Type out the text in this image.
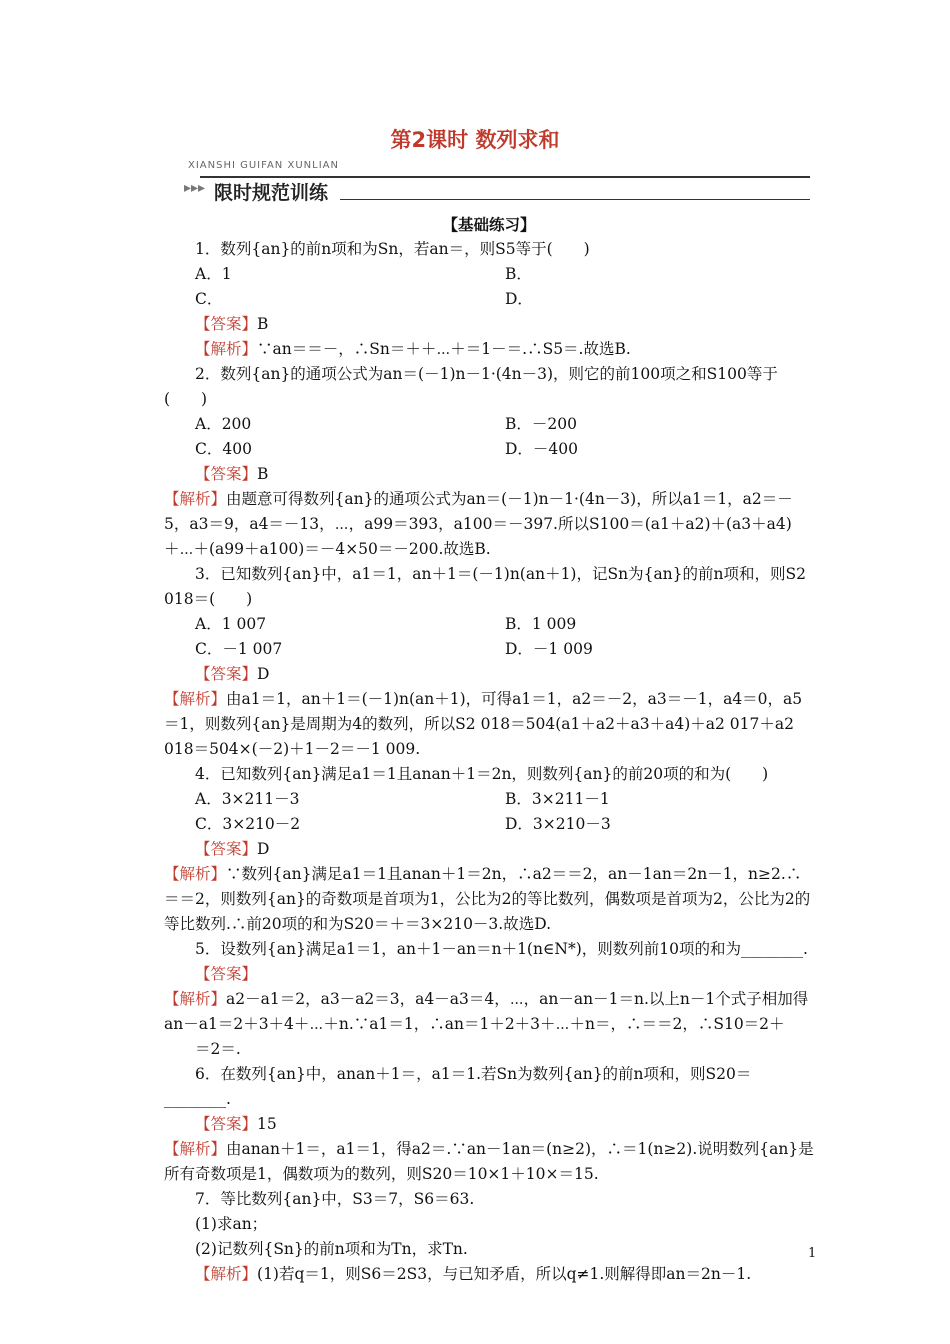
第2课时 数列求和
XIANSHI GUIFAN XUNLIAN
▸▸▸ 限时规范训练

【基础练习】

1．数列{an}的前n项和为Sn，若an＝，则S5等于(　　)

A．1	B．
C．	D．

【答案】B

【解析】∵an＝＝－，∴Sn＝＋＋⋯＋＝1－＝.∴S5＝.故选B.

2．数列{an}的通项公式为an＝(－1)n－1·(4n－3)，则它的前100项之和S100等于(　　)

A．200	B．－200
C．400	D．－400

【答案】B

【解析】由题意可得数列{an}的通项公式为an＝(－1)n－1·(4n－3)，所以a1＝1，a2＝－5，a3＝9，a4＝－13，⋯，a99＝393，a100＝－397.所以S100＝(a1＋a2)＋(a3＋a4)＋⋯＋(a99＋a100)＝－4×50＝－200.故选B.

3．已知数列{an}中，a1＝1，an＋1＝(－1)n(an＋1)，记Sn为{an}的前n项和，则S2 018＝(　　)

A．1 007	B．1 009
C．－1 007	D．－1 009

【答案】D

【解析】由a1＝1，an＋1＝(－1)n(an＋1)，可得a1＝1，a2＝－2，a3＝－1，a4＝0，a5＝1，则数列{an}是周期为4的数列，所以S2 018＝504(a1＋a2＋a3＋a4)＋a2 017＋a2 018＝504×(－2)＋1－2＝－1 009.

4．已知数列{an}满足a1＝1且anan＋1＝2n，则数列{an}的前20项的和为(　　)

A．3×211－3	B．3×211－1
C．3×210－2	D．3×210－3

【答案】D

【解析】∵数列{an}满足a1＝1且anan＋1＝2n，∴a2＝＝2，an－1an＝2n－1，n≥2.∴＝＝2，则数列{an}的奇数项是首项为1，公比为2的等比数列，偶数项是首项为2，公比为2的等比数列.∴前20项的和为S20＝＋＝3×210－3.故选D.

5．设数列{an}满足a1＝1，an＋1－an＝n＋1(n∈N*)，则数列前10项的和为________.

【答案】

【解析】a2－a1＝2，a3－a2＝3，a4－a3＝4，⋯，an－an－1＝n.以上n－1个式子相加得an－a1＝2＋3＋4＋⋯＋n.∵a1＝1，∴an＝1＋2＋3＋⋯＋n＝，∴＝＝2，∴S10＝2＋

＝2＝.

6．在数列{an}中，anan＋1＝，a1＝1.若Sn为数列{an}的前n项和，则S20＝________.

【答案】15

【解析】由anan＋1＝，a1＝1，得a2＝.∵an－1an＝(n≥2)，∴＝1(n≥2).说明数列{an}是所有奇数项是1，偶数项为的数列，则S20＝10×1＋10×＝15.

7．等比数列{an}中，S3＝7，S6＝63.

(1)求an；

(2)记数列{Sn}的前n项和为Tn，求Tn.

【解析】(1)若q＝1，则S6＝2S3，与已知矛盾，所以q≠1.则解得即an＝2n－1.

1
